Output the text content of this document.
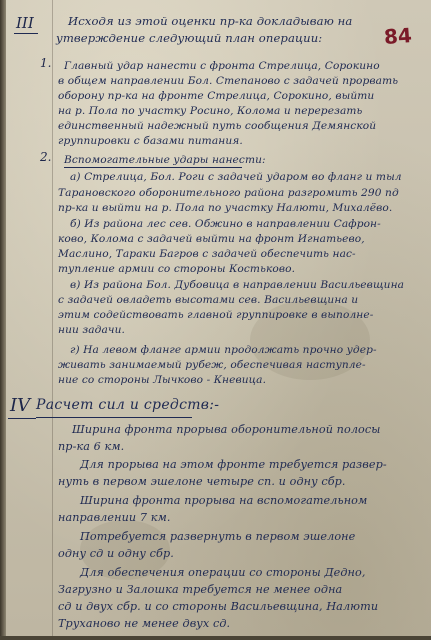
84
III	Исходя из этой оценки пр-ка докладываю на
утверждение следующий план операции:
1. Главный удар нанести с фронта Стрелица, Сорокино
в общем направлении Бол. Степаново с задачей прорвать
оборону пр-ка на фронте Стрелица, Сорокино, выйти
на р. Пола по участку Росино, Колома и перерезать
единственный надежный путь сообщения Демянской
группировки с базами питания.
2. Вспомогательные удары нанести:
а) Стрелица, Бол. Роги с задачей ударом во фланг и тыл
Тарановского оборонительного района разгромить 290 пд
пр-ка и выйти на р. Пола по участку Налюти, Михалёво.
б) Из района лес сев. Обжино в направлении Сафрон-
ково, Колома с задачей выйти на фронт Игнатьево,
Маслино, Тараки Багров с задачей обеспечить нас-
тупление армии со стороны Костьково.
в) Из района Бол. Дубовица в направлении Васильевщина
с задачей овладеть высотами сев. Васильевщина и
этим содействовать главной группировке в выполне-
нии задачи.
г) На левом фланге армии продолжать прочно удер-
живать занимаемый рубеж, обеспечивая наступле-
ние со стороны Лычково - Кневица.
IV Расчет сил и средств:-
Ширина фронта прорыва оборонительной полосы
пр-ка 6 км.
Для прорыва на этом фронте требуется развер-
нуть в первом эшелоне четыре сп. и одну сбр.
Ширина фронта прорыва на вспомогательном
направлении 7 км.
Потребуется развернуть в первом эшелоне
одну сд и одну сбр.
Для обеспечения операции со стороны Дедно,
Загрузно и Залошка требуется не менее одна
сд и двух сбр. и со стороны Васильевщина, Налюти
Труханово не менее двух сд.
